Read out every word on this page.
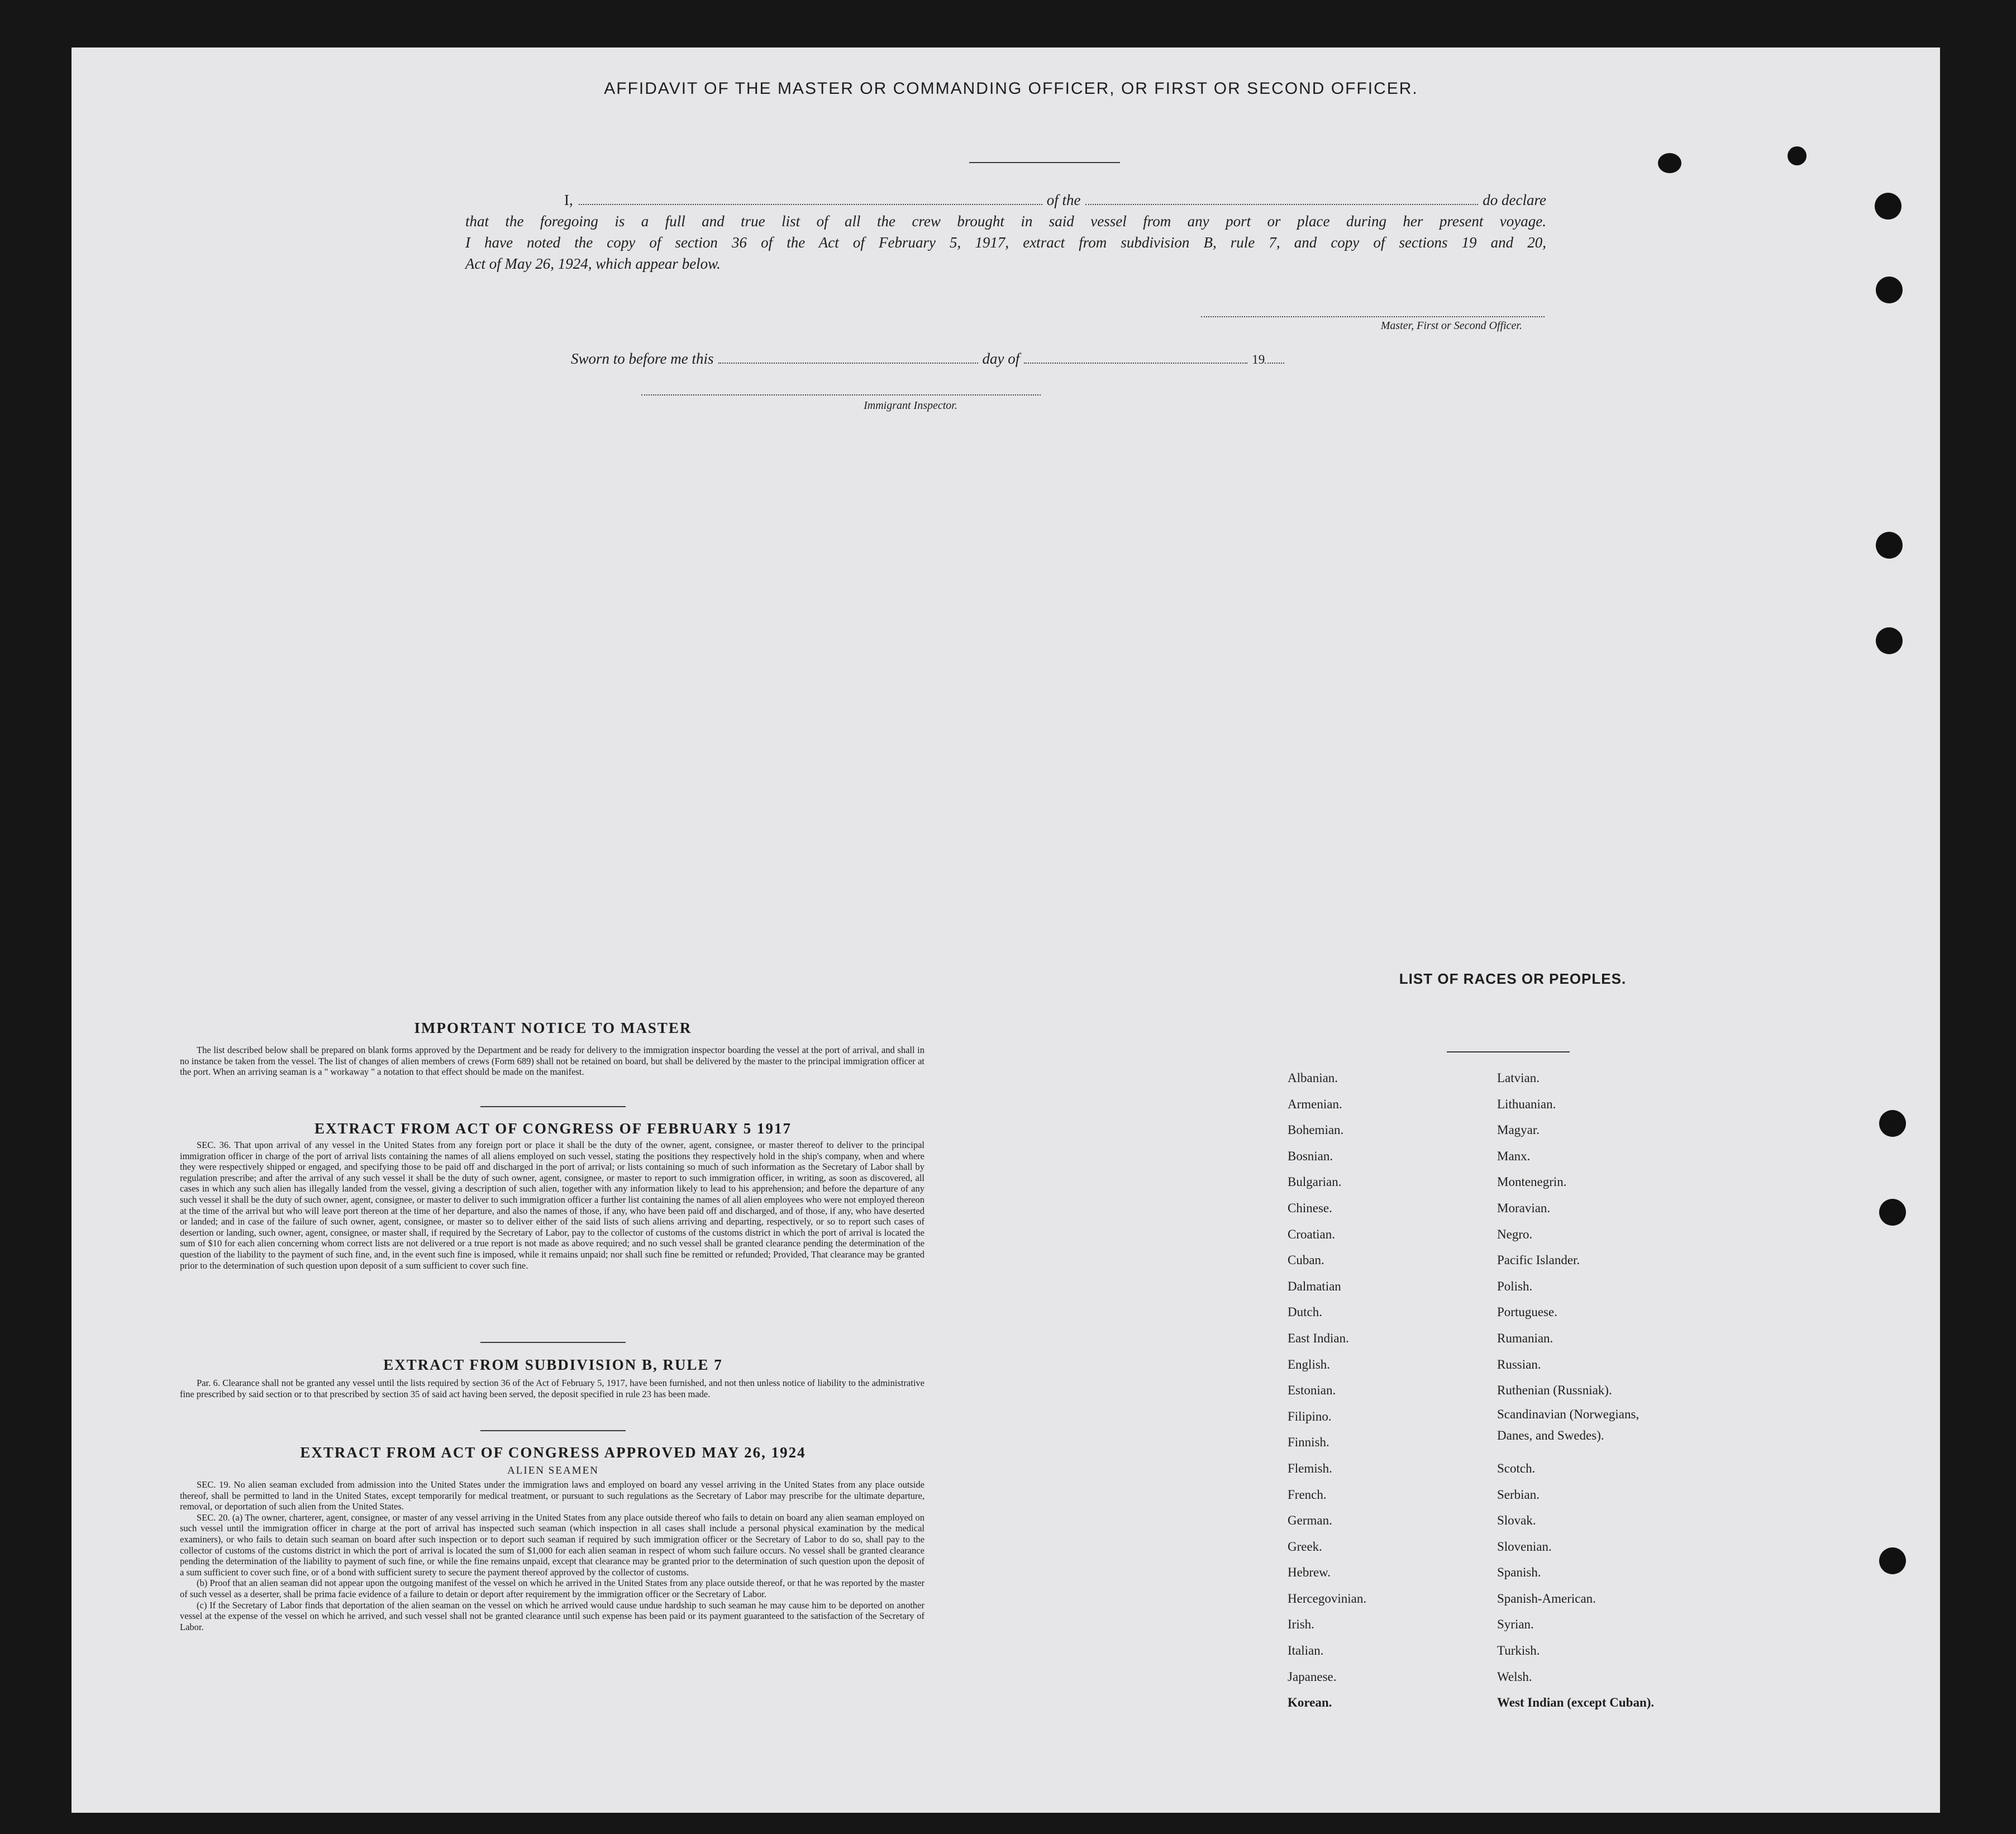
AFFIDAVIT OF THE MASTER OR COMMANDING OFFICER, OR FIRST OR SECOND OFFICER.
I,	of the	do declare
that the foregoing is a full and true list of all the crew brought in said vessel from any port or place during her present voyage.
I have noted the copy of section 36 of the Act of February 5, 1917, extract from subdivision B, rule 7, and copy of sections 19 and 20,
Act of May 26, 1924, which appear below.
Master, First or Second Officer.
Sworn to before me this	day of	19
Immigrant Inspector.
IMPORTANT NOTICE TO MASTER

The list described below shall be prepared on blank forms approved by the Department and be ready for delivery to the immigration inspector boarding the vessel at the port of arrival, and shall in no instance be taken from the vessel. The list of changes of alien members of crews (Form 689) shall not be retained on board, but shall be delivered by the master to the principal immigration officer at the port. When an arriving seaman is a " workaway " a notation to that effect should be made on the manifest.

EXTRACT FROM ACT OF CONGRESS OF FEBRUARY 5 1917

SEC. 36. That upon arrival of any vessel in the United States from any foreign port or place it shall be the duty of the owner, agent, consignee, or master thereof to deliver to the principal immigration officer in charge of the port of arrival lists containing the names of all aliens employed on such vessel, stating the positions they respectively hold in the ship's company, when and where they were respectively shipped or engaged, and specifying those to be paid off and discharged in the port of arrival; or lists containing so much of such information as the Secretary of Labor shall by regulation prescribe; and after the arrival of any such vessel it shall be the duty of such owner, agent, consignee, or master to report to such immigration officer, in writing, as soon as discovered, all cases in which any such alien has illegally landed from the vessel, giving a description of such alien, together with any information likely to lead to his apprehension; and before the departure of any such vessel it shall be the duty of such owner, agent, consignee, or master to deliver to such immigration officer a further list containing the names of all alien employees who were not employed thereon at the time of the arrival but who will leave port thereon at the time of her departure, and also the names of those, if any, who have been paid off and discharged, and of those, if any, who have deserted or landed; and in case of the failure of such owner, agent, consignee, or master so to deliver either of the said lists of such aliens arriving and departing, respectively, or so to report such cases of desertion or landing, such owner, agent, consignee, or master shall, if required by the Secretary of Labor, pay to the collector of customs of the customs district in which the port of arrival is located the sum of $10 for each alien concerning whom correct lists are not delivered or a true report is not made as above required; and no such vessel shall be granted clearance pending the determination of the question of the liability to the payment of such fine, and, in the event such fine is imposed, while it remains unpaid; nor shall such fine be remitted or refunded; Provided, That clearance may be granted prior to the determination of such question upon deposit of a sum sufficient to cover such fine.

EXTRACT FROM SUBDIVISION B, RULE 7

Par. 6. Clearance shall not be granted any vessel until the lists required by section 36 of the Act of February 5, 1917, have been furnished, and not then unless notice of liability to the administrative fine prescribed by said section or to that prescribed by section 35 of said act having been served, the deposit specified in rule 23 has been made.

EXTRACT FROM ACT OF CONGRESS APPROVED MAY 26, 1924
ALIEN SEAMEN

SEC. 19. No alien seaman excluded from admission into the United States under the immigration laws and employed on board any vessel arriving in the United States from any place outside thereof, shall be permitted to land in the United States, except temporarily for medical treatment, or pursuant to such regulations as the Secretary of Labor may prescribe for the ultimate departure, removal, or deportation of such alien from the United States.

SEC. 20. (a) The owner, charterer, agent, consignee, or master of any vessel arriving in the United States from any place outside thereof who fails to detain on board any alien seaman employed on such vessel until the immigration officer in charge at the port of arrival has inspected such seaman (which inspection in all cases shall include a personal physical examination by the medical examiners), or who fails to detain such seaman on board after such inspection or to deport such seaman if required by such immigration officer or the Secretary of Labor to do so, shall pay to the collector of customs of the customs district in which the port of arrival is located the sum of $1,000 for each alien seaman in respect of whom such failure occurs. No vessel shall be granted clearance pending the determination of the liability to payment of such fine, or while the fine remains unpaid, except that clearance may be granted prior to the determination of such question upon the deposit of a sum sufficient to cover such fine, or of a bond with sufficient surety to secure the payment thereof approved by the collector of customs.

(b) Proof that an alien seaman did not appear upon the outgoing manifest of the vessel on which he arrived in the United States from any place outside thereof, or that he was reported by the master of such vessel as a deserter, shall be prima facie evidence of a failure to detain or deport after requirement by the immigration officer or the Secretary of Labor.

(c) If the Secretary of Labor finds that deportation of the alien seaman on the vessel on which he arrived would cause undue hardship to such seaman he may cause him to be deported on another vessel at the expense of the vessel on which he arrived, and such vessel shall not be granted clearance until such expense has been paid or its payment guaranteed to the satisfaction of the Secretary of Labor.

LIST OF RACES OR PEOPLES.
Albanian.
Armenian.
Bohemian.
Bosnian.
Bulgarian.
Chinese.
Croatian.
Cuban.
Dalmatian
Dutch.
East Indian.
English.
Estonian.
Filipino.
Finnish.
Flemish.
French.
German.
Greek.
Hebrew.
Hercegovinian.
Irish.
Italian.
Japanese.
Korean.
Latvian.
Lithuanian.
Magyar.
Manx.
Montenegrin.
Moravian.
Negro.
Pacific Islander.
Polish.
Portuguese.
Rumanian.
Russian.
Ruthenian (Russniak).
Scandinavian (Norwegians, Danes, and Swedes).
Scotch.
Serbian.
Slovak.
Slovenian.
Spanish.
Spanish-American.
Syrian.
Turkish.
Welsh.
West Indian (except Cuban).
